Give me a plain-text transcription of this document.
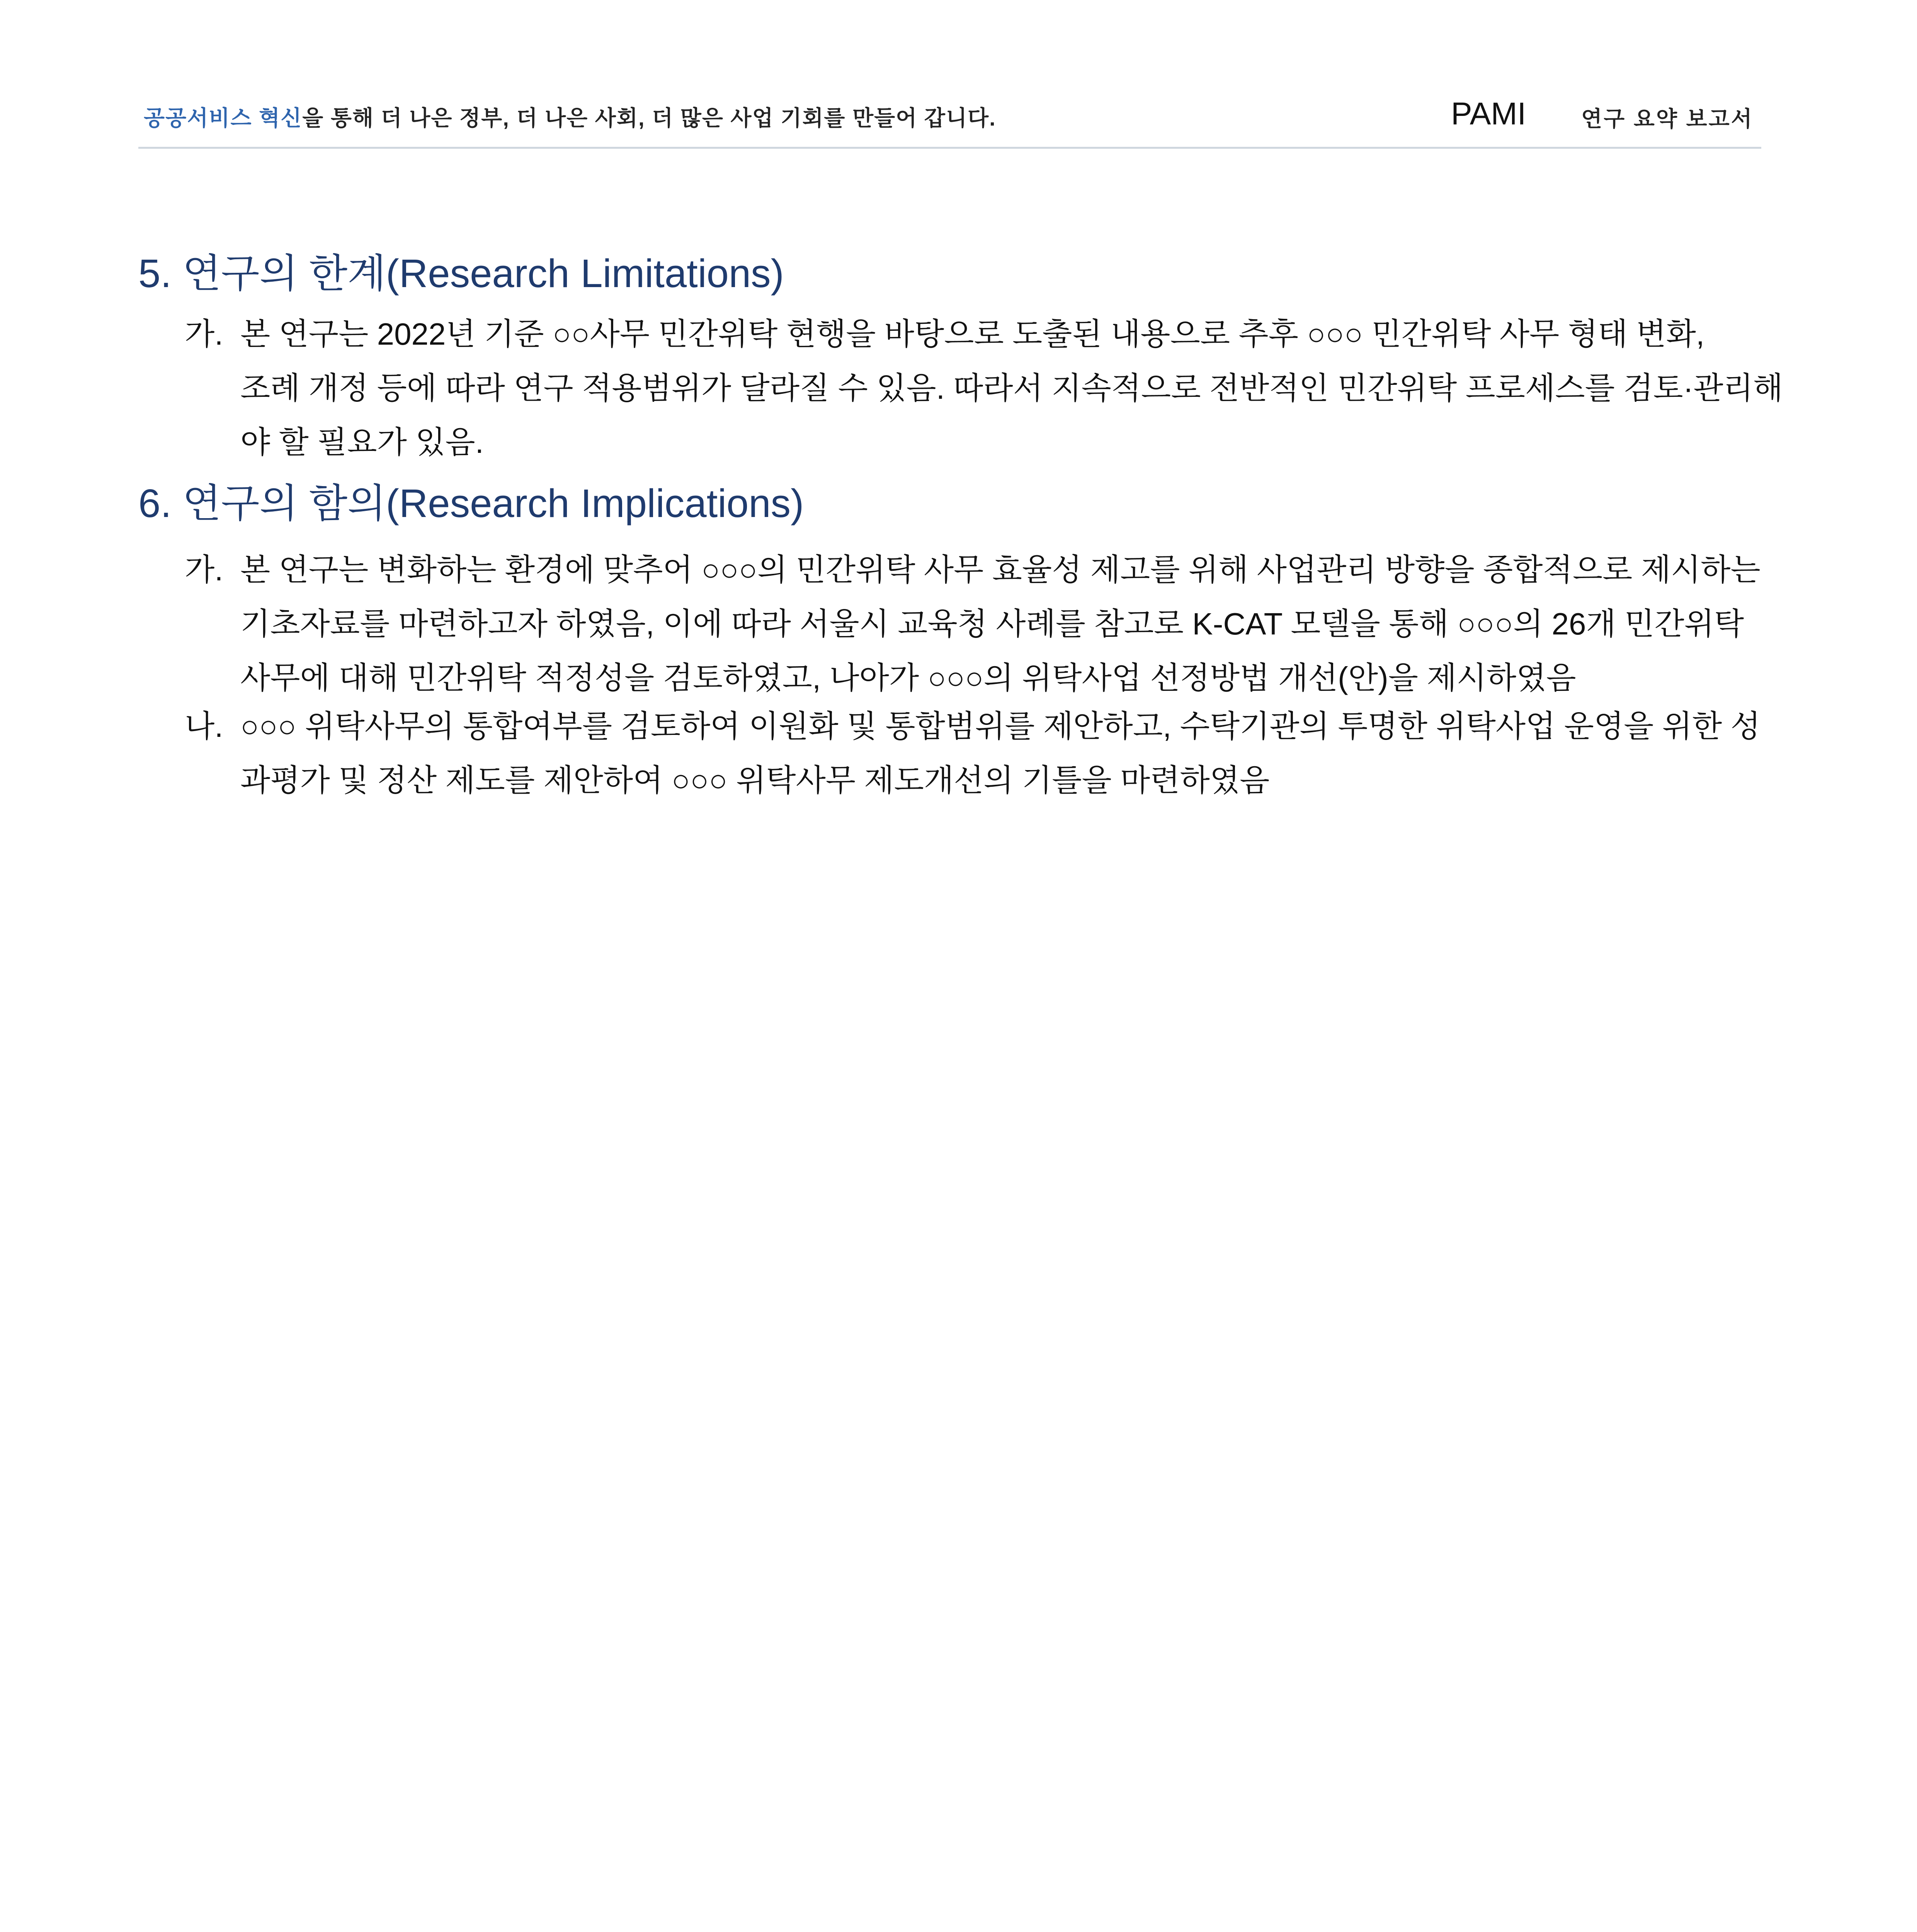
공공서비스 혁신을 통해 더 나은 정부, 더 나은 사회, 더 많은 사업 기회를 만들어 갑니다.	PAMI	연구 요약 보고서
5. 연구의 한계(Research Limitations)
가. 본 연구는 2022년 기준 ○○사무 민간위탁 현행을 바탕으로 도출된 내용으로 추후 ○○○ 민간위탁 사무 형태 변화,
조례 개정 등에 따라 연구 적용범위가 달라질 수 있음. 따라서 지속적으로 전반적인 민간위탁 프로세스를 검토·관리해
야 할 필요가 있음.
6. 연구의 함의(Research Implications)
가. 본 연구는 변화하는 환경에 맞추어 ○○○의 민간위탁 사무 효율성 제고를 위해 사업관리 방향을 종합적으로 제시하는
기초자료를 마련하고자 하였음, 이에 따라 서울시 교육청 사례를 참고로 K-CAT 모델을 통해 ○○○의 26개 민간위탁
사무에 대해 민간위탁 적정성을 검토하였고, 나아가 ○○○의 위탁사업 선정방법 개선(안)을 제시하였음
나. ○○○ 위탁사무의 통합여부를 검토하여 이원화 및 통합범위를 제안하고, 수탁기관의 투명한 위탁사업 운영을 위한 성
과평가 및 정산 제도를 제안하여 ○○○ 위탁사무 제도개선의 기틀을 마련하였음
